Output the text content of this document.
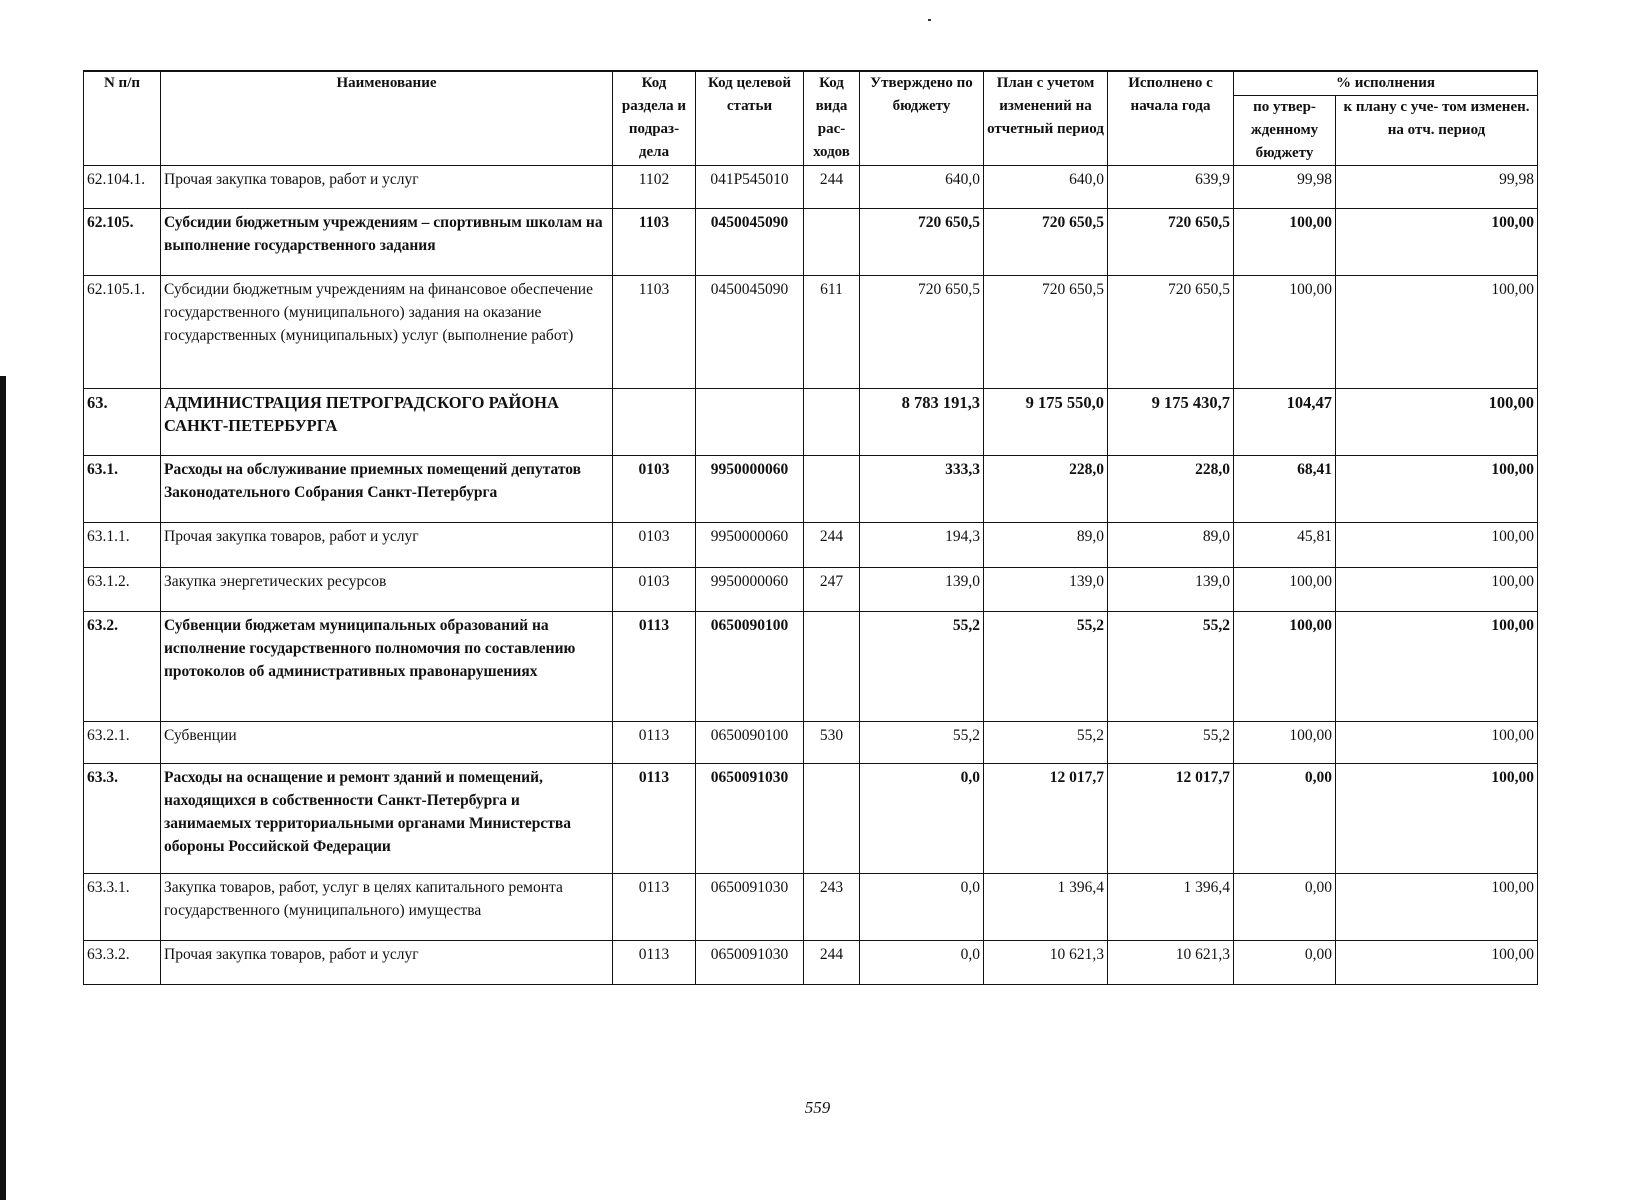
N п/п	Наименование	Код раздела и подраз- дела	Код целевой статьи	Код вида рас- ходов	Утверждено по бюджету	План с учетом изменений на отчетный период	Исполнено с начала года	% исполнения	
								по утвер- жденному бюджету	к плану с уче- том изменен. на отч. период
62.104.1.	Прочая закупка товаров, работ и услуг	1102	041P545010	244	640,0	640,0	639,9	99,98	99,98
62.105.	Субсидии бюджетным учреждениям – спортивным школам на выполнение государственного задания	1103	0450045090		720 650,5	720 650,5	720 650,5	100,00	100,00
62.105.1.	Субсидии бюджетным учреждениям на финансовое обеспечение государственного (муниципального) задания на оказание государственных (муниципальных) услуг (выполнение работ)	1103	0450045090	611	720 650,5	720 650,5	720 650,5	100,00	100,00
63.	АДМИНИСТРАЦИЯ ПЕТРОГРАДСКОГО РАЙОНА САНКТ-ПЕТЕРБУРГА				8 783 191,3	9 175 550,0	9 175 430,7	104,47	100,00
63.1.	Расходы на обслуживание приемных помещений депутатов Законодательного Собрания Санкт-Петербурга	0103	9950000060		333,3	228,0	228,0	68,41	100,00
63.1.1.	Прочая закупка товаров, работ и услуг	0103	9950000060	244	194,3	89,0	89,0	45,81	100,00
63.1.2.	Закупка энергетических ресурсов	0103	9950000060	247	139,0	139,0	139,0	100,00	100,00
63.2.	Субвенции бюджетам муниципальных образований на исполнение государственного полномочия по составлению протоколов об административных правонарушениях	0113	0650090100		55,2	55,2	55,2	100,00	100,00
63.2.1.	Субвенции	0113	0650090100	530	55,2	55,2	55,2	100,00	100,00
63.3.	Расходы на оснащение и ремонт зданий и помещений, находящихся в собственности Санкт-Петербурга и занимаемых территориальными органами Министерства обороны Российской Федерации	0113	0650091030		0,0	12 017,7	12 017,7	0,00	100,00
63.3.1.	Закупка товаров, работ, услуг в целях капитального ремонта государственного (муниципального) имущества	0113	0650091030	243	0,0	1 396,4	1 396,4	0,00	100,00
63.3.2.	Прочая закупка товаров, работ и услуг	0113	0650091030	244	0,0	10 621,3	10 621,3	0,00	100,00
559
